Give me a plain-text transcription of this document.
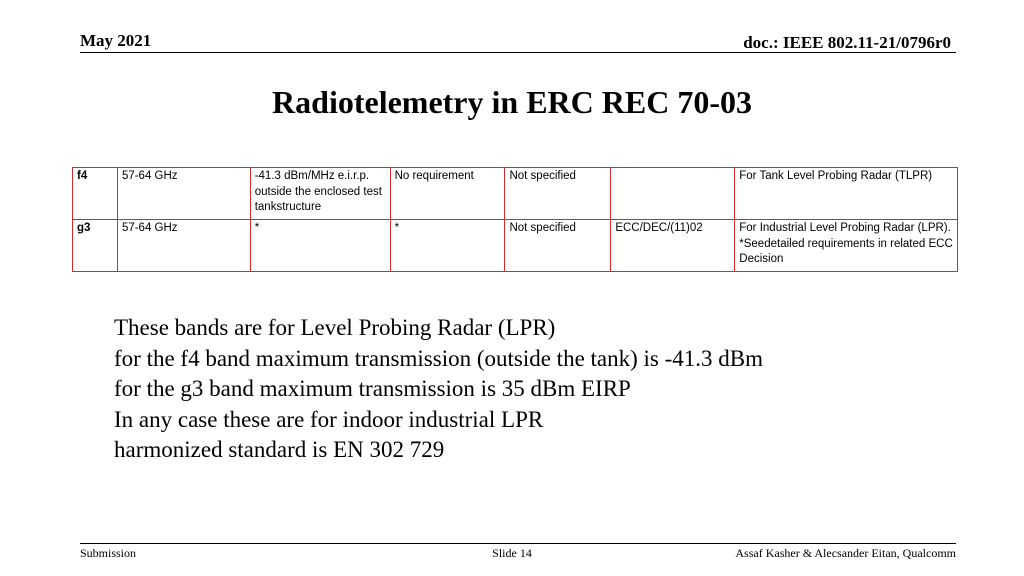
May 2021	doc.: IEEE 802.11-21/0796r0
Radiotelemetry in ERC REC 70-03
f4	57-64 GHz	-41.3 dBm/MHz e.i.r.p. outside the enclosed test tankstructure	No requirement	Not specified		For Tank Level Probing Radar (TLPR)
g3	57-64 GHz	*	*	Not specified	ECC/DEC/(11)02	For Industrial Level Probing Radar (LPR). *Seedetailed requirements in related ECC Decision
These bands are for Level Probing Radar (LPR)
for the f4 band maximum transmission (outside the tank) is -41.3 dBm
for the g3 band maximum transmission is 35 dBm EIRP
In any case these are for indoor industrial LPR
harmonized standard is EN 302 729
Submission	Slide 14	Assaf Kasher & Alecsander Eitan, Qualcomm
